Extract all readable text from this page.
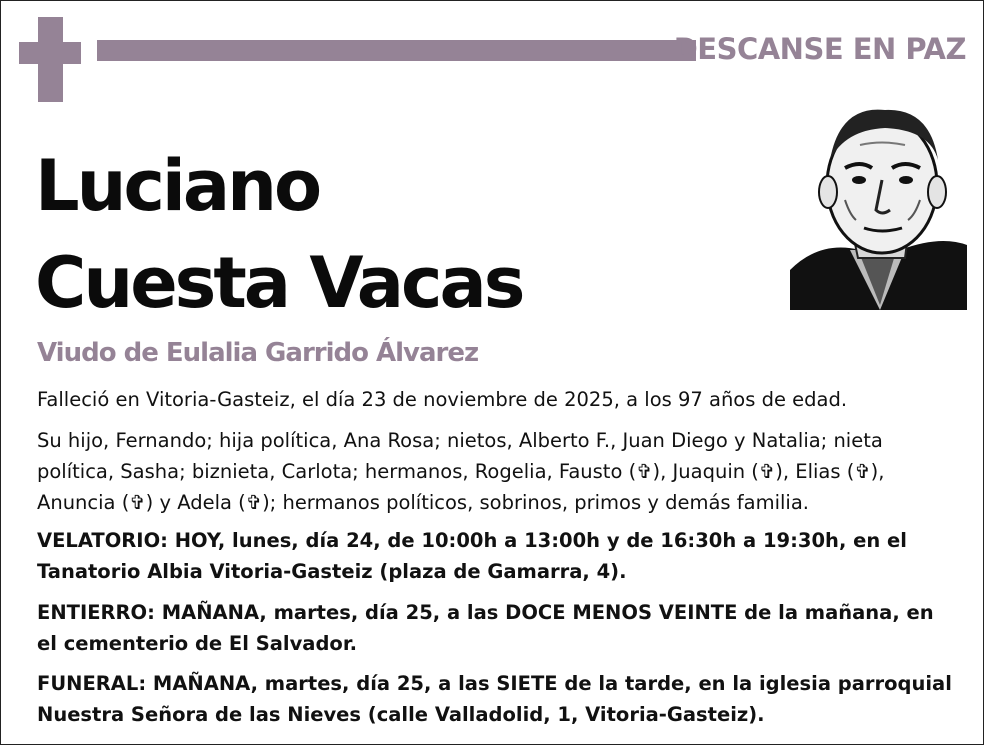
DESCANSE EN PAZ
Luciano
Cuesta Vacas
Viudo de Eulalia Garrido Álvarez
Falleció en Vitoria-Gasteiz, el día 23 de noviembre de 2025, a los 97 años de edad.
Su hijo, Fernando; hija política, Ana Rosa; nietos, Alberto F., Juan Diego y Natalia; nieta política, Sasha; biznieta, Carlota; hermanos, Rogelia, Fausto (✞), Juaquin (✞), Elias (✞), Anuncia (✞) y Adela (✞); hermanos políticos, sobrinos, primos y demás familia.
VELATORIO: HOY, lunes, día 24, de 10:00h a 13:00h y de 16:30h a 19:30h, en el Tanatorio Albia Vitoria-Gasteiz (plaza de Gamarra, 4).
ENTIERRO: MAÑANA, martes, día 25, a las DOCE MENOS VEINTE de la mañana, en el cementerio de El Salvador.
FUNERAL: MAÑANA, martes, día 25, a las SIETE de la tarde, en la iglesia parroquial Nuestra Señora de las Nieves (calle Valladolid, 1, Vitoria-Gasteiz).
